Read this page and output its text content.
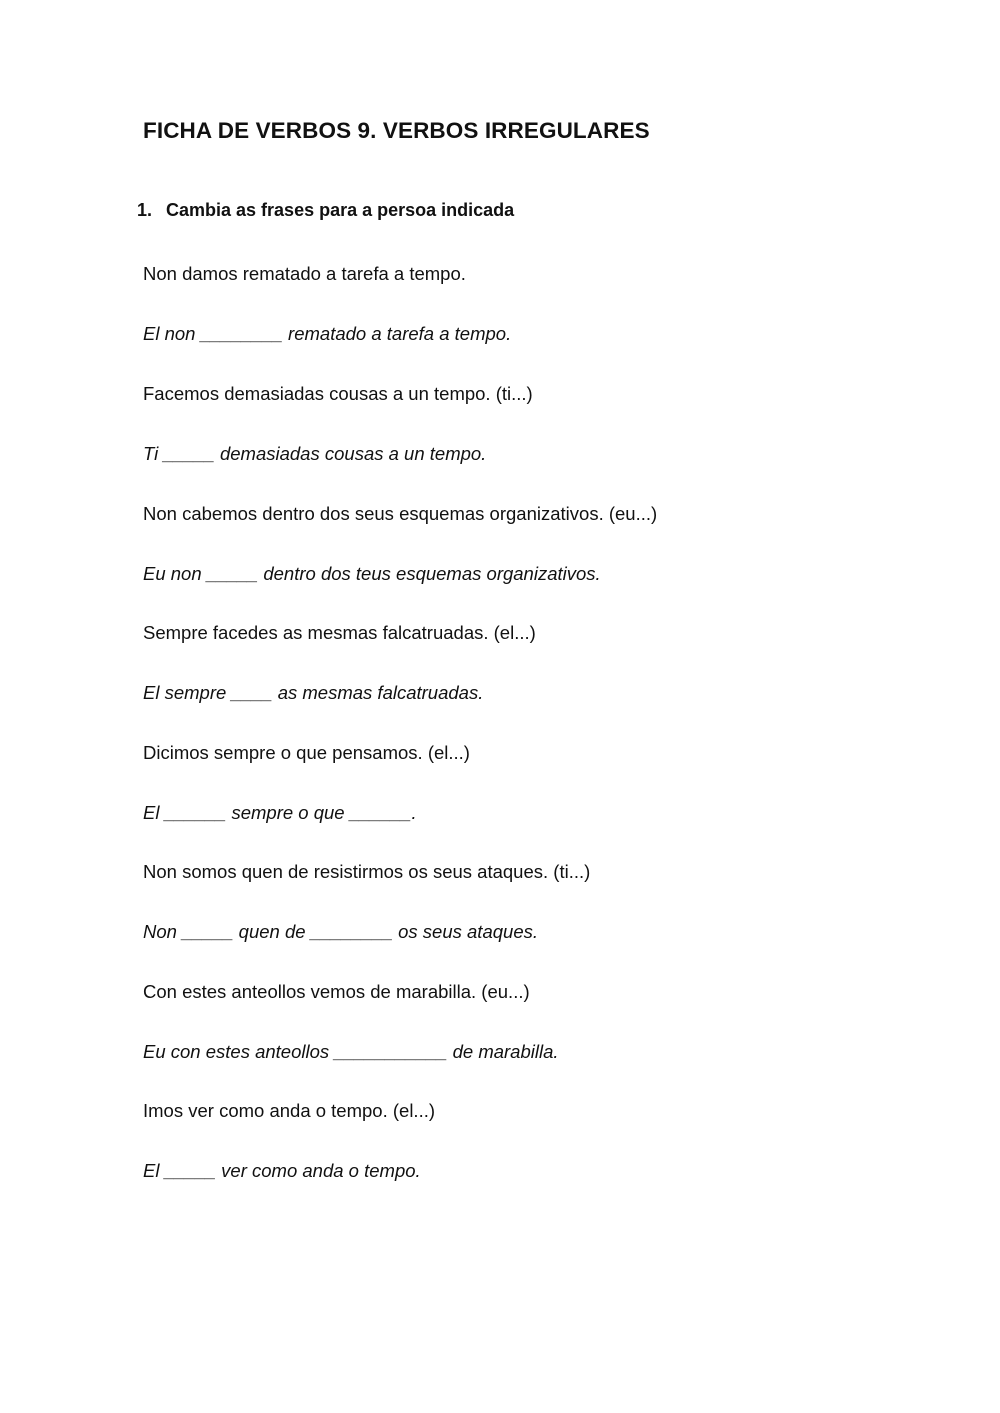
FICHA DE VERBOS 9. VERBOS IRREGULARES
1. Cambia as frases para a persoa indicada

Non damos rematado a tarefa a tempo.

El non ________ rematado a tarefa a tempo.

Facemos demasiadas cousas a un tempo. (ti...)

Ti _____ demasiadas cousas a un tempo.

Non cabemos dentro dos seus esquemas organizativos. (eu...)

Eu non _____ dentro dos teus esquemas organizativos.

Sempre facedes as mesmas falcatruadas. (el...)

El sempre ____ as mesmas falcatruadas.

Dicimos sempre o que pensamos. (el...)

El ______ sempre o que ______.

Non somos quen de resistirmos os seus ataques. (ti...)

Non _____ quen de ________ os seus ataques.

Con estes anteollos vemos de marabilla. (eu...)

Eu con estes anteollos ___________ de marabilla.

Imos ver como anda o tempo. (el...)

El _____ ver como anda o tempo.
